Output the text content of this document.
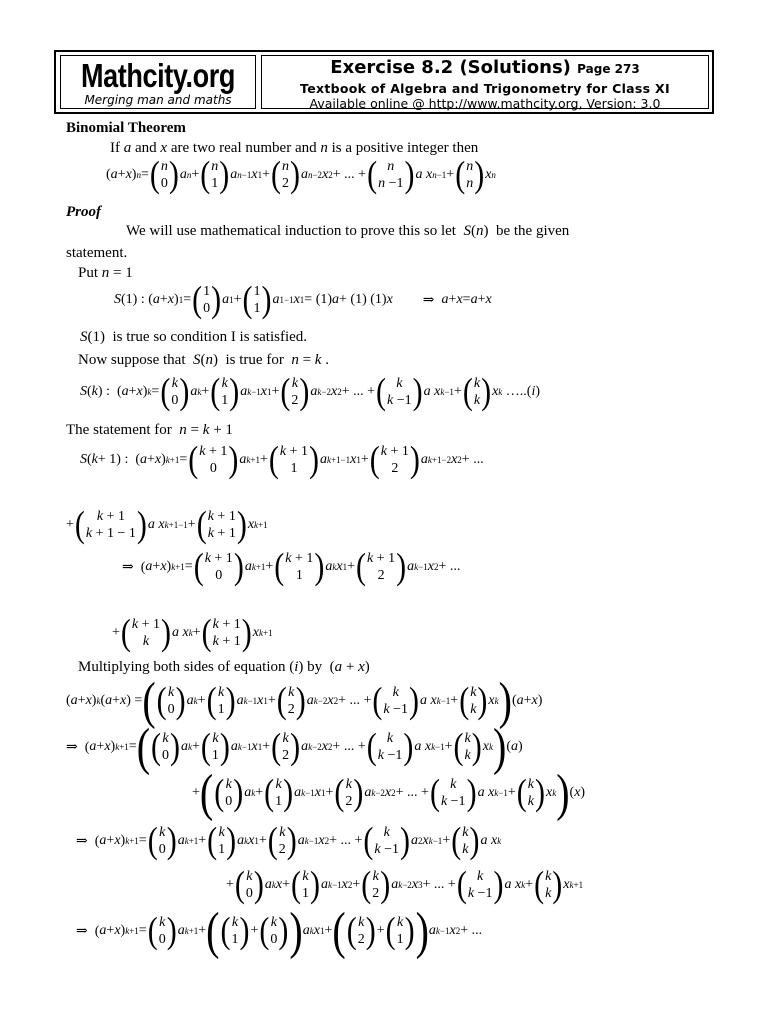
Mathcity.org
Merging man and maths
Exercise 8.2 (Solutions) Page 273
Textbook of Algebra and Trigonometry for Class XI
Available online @ http://www.mathcity.org, Version: 3.0
Binomial Theorem
If a and x are two real number and n is a positive integer then
( a + x ) n = ( n
0 ) a n + ( n
1 ) a n−1 x 1 + ( n
2 ) a n−2 x 2 + ... + ( n
n −1 ) a x n−1 + ( n
n ) x n
Proof
We will use mathematical induction to prove this so let  S(n)  be the given
statement.
Put n = 1
S (1) : ( a + x ) 1 = ( 1
0 ) a 1 + ( 1
1 ) a 1−1 x 1 = (1) a + (1) (1) x ⇒ a + x = a + x
S(1)  is true so condition I is satisfied.
Now suppose that  S(n)  is true for  n = k .
S ( k ) :  ( a + x ) k = ( k
0 ) a k + ( k
1 ) a k−1 x 1 + ( k
2 ) a k−2 x 2 + ... + ( k
k −1 ) a x k−1 + ( k
k ) x k
…..(i)
The statement for  n = k + 1
S ( k + 1) :  ( a + x ) k+1 = ( k + 1
0 ) a k+1 + ( k + 1
1 ) a k+1−1 x 1 + ( k + 1
2 ) a k+1−2 x 2 + ...
+ ( k + 1
k + 1 − 1 ) a x k+1−1 + ( k + 1
k + 1 ) x k+1
⇒  ( a + x ) k+1 = ( k + 1
0 ) a k+1 + ( k + 1
1 ) a k x 1 + ( k + 1
2 ) a k−1 x 2 + ...
+ ( k + 1
k ) a x k + ( k + 1
k + 1 ) x k+1
Multiplying both sides of equation (i) by  (a + x)
( a + x ) k ( a + x ) = ( ( k
0 ) a k + ( k
1 ) a k−1 x 1 + ( k
2 ) a k−2 x 2 + ... + ( k
k −1 ) a x k−1 + ( k
k ) x k ) ( a + x )
⇒  ( a + x ) k+1 = ( ( k
0 ) a k + ( k
1 ) a k−1 x 1 + ( k
2 ) a k−2 x 2 + ... + ( k
k −1 ) a x k−1 + ( k
k ) x k ) ( a )
+ ( ( k
0 ) a k + ( k
1 ) a k−1 x 1 + ( k
2 ) a k−2 x 2 + ... + ( k
k −1 ) a x k−1 + ( k
k ) x k ) ( x )
⇒  ( a + x ) k+1 = ( k
0 ) a k+1 + ( k
1 ) a k x 1 + ( k
2 ) a k−1 x 2 + ... + ( k
k −1 ) a 2 x k−1 + ( k
k ) a x k
+ ( k
0 ) a k x + ( k
1 ) a k−1 x 2 + ( k
2 ) a k−2 x 3 + ... + ( k
k −1 ) a x k + ( k
k ) x k+1
⇒  ( a + x ) k+1 = ( k
0 ) a k+1 + ( ( k
1 ) + ( k
0 ) ) a k x 1 + ( ( k
2 ) + ( k
1 ) ) a k−1 x 2 + ...
